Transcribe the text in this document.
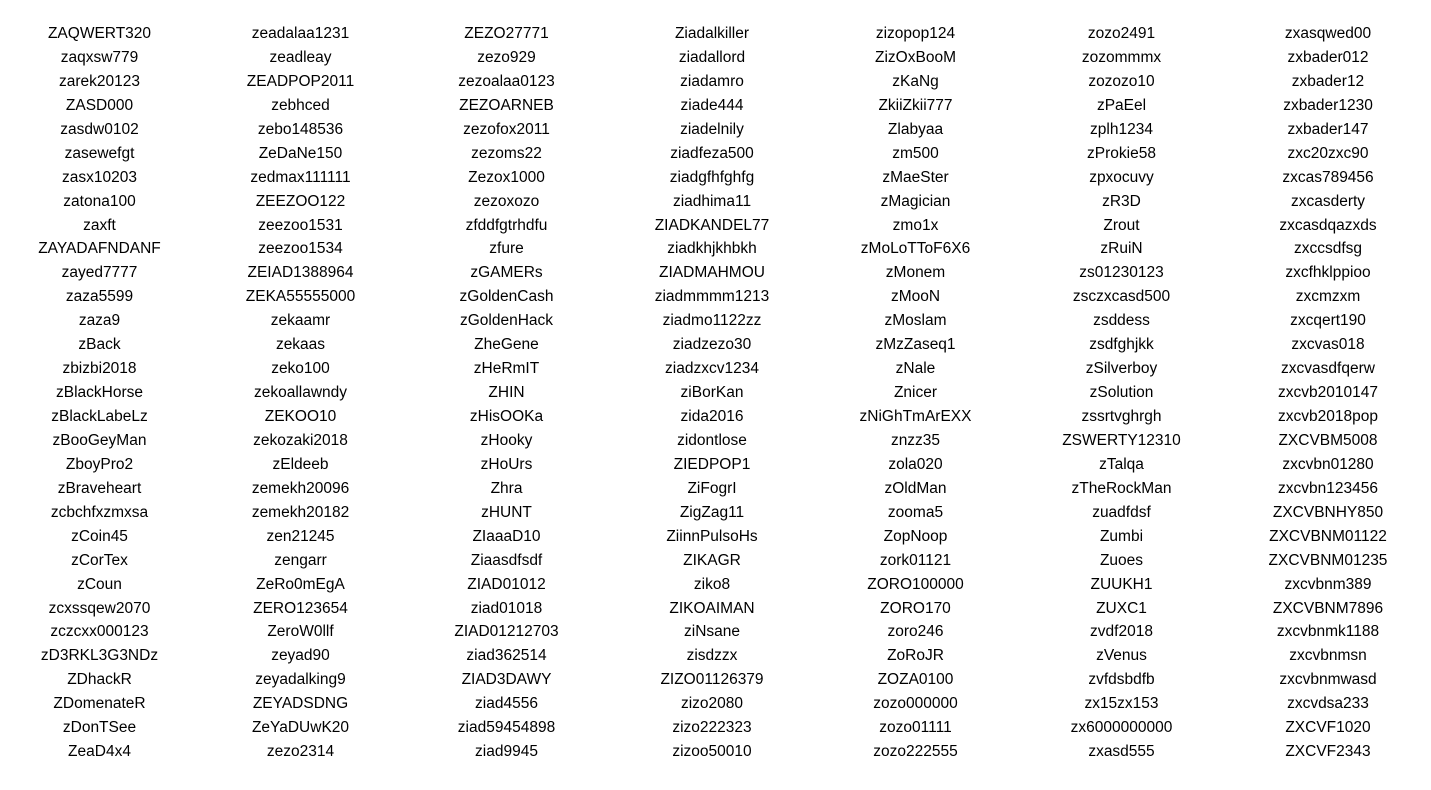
ZAQWERT320
zaqxsw779
zarek20123
ZASD000
zasdw0102
zasewefgt
zasx10203
zatona100
zaxft
ZAYADAFNDANF
zayed7777
zaza5599
zaza9
zBack
zbizbi2018
zBlackHorse
zBlackLabeLz
zBooGeyMan
ZboyPro2
zBraveheart
zcbchfxzmxsa
zCoin45
zCorTex
zCoun
zcxssqew2070
zczcxx000123
zD3RKL3G3NDz
ZDhackR
ZDomenateR
zDonTSee
ZeaD4x4
zeadalaa1231
zeadleay
ZEADPOP2011
zebhced
zebo148536
ZeDaNe150
zedmax111111
ZEEZOO122
zeezoo1531
zeezoo1534
ZEIAD1388964
ZEKA55555000
zekaamr
zekaas
zeko100
zekoallawndy
ZEKOO10
zekozaki2018
zEldeeb
zemekh20096
zemekh20182
zen21245
zengarr
ZeRo0mEgA
ZERO123654
ZeroW0llf
zeyad90
zeyadalking9
ZEYADSDNG
ZeYaDUwK20
zezo2314
ZEZO27771
zezo929
zezoalaa0123
ZEZOARNEB
zezofox2011
zezoms22
Zezox1000
zezoxozo
zfddfgtrhdfu
zfure
zGAMERs
zGoldenCash
zGoldenHack
ZheGene
zHeRmIT
ZHIN
zHisOOKa
zHooky
zHoUrs
Zhra
zHUNT
ZIaaaD10
Ziaasdfsdf
ZIAD01012
ziad01018
ZIAD01212703
ziad362514
ZIAD3DAWY
ziad4556
ziad59454898
ziad9945
Ziadalkiller
ziadallord
ziadamro
ziade444
ziadelnily
ziadfeza500
ziadgfhfghfg
ziadhima11
ZIADKANDEL77
ziadkhjkhbkh
ZIADMAHMOU
ziadmmmm1213
ziadmo1122zz
ziadzezo30
ziadzxcv1234
ziBorKan
zida2016
zidontlose
ZIEDPOP1
ZiFogrI
ZigZag11
ZiinnPulsoHs
ZIKAGR
ziko8
ZIKOAIMAN
ziNsane
zisdzzx
ZIZO01126379
zizo2080
zizo222323
zizoo50010
zizopop124
ZizOxBooM
zKaNg
ZkiiZkii777
Zlabyaa
zm500
zMaeSter
zMagician
zmo1x
zMoLoTToF6X6
zMonem
zMooN
zMoslam
zMzZaseq1
zNale
Znicer
zNiGhTmArEXX
znzz35
zola020
zOldMan
zooma5
ZopNoop
zork01121
ZORO100000
ZORO170
zoro246
ZoRoJR
ZOZA0100
zozo000000
zozo01111
zozo222555
zozo2491
zozommmx
zozozo10
zPaEel
zplh1234
zProkie58
zpxocuvy
zR3D
Zrout
zRuiN
zs01230123
zsczxcasd500
zsddess
zsdfghjkk
zSilverboy
zSolution
zssrtvghrgh
ZSWERTY12310
zTalqa
zTheRockMan
zuadfdsf
Zumbi
Zuoes
ZUUKH1
ZUXC1
zvdf2018
zVenus
zvfdsbdfb
zx15zx153
zx6000000000
zxasd555
zxasqwed00
zxbader012
zxbader12
zxbader1230
zxbader147
zxc20zxc90
zxcas789456
zxcasderty
zxcasdqazxds
zxccsdfsg
zxcfhklppioo
zxcmzxm
zxcqert190
zxcvas018
zxcvasdfqerw
zxcvb2010147
zxcvb2018pop
ZXCVBM5008
zxcvbn01280
zxcvbn123456
ZXCVBNHY850
ZXCVBNM01122
ZXCVBNM01235
zxcvbnm389
ZXCVBNM7896
zxcvbnmk1188
zxcvbnmsn
zxcvbnmwasd
zxcvdsa233
ZXCVF1020
ZXCVF2343
